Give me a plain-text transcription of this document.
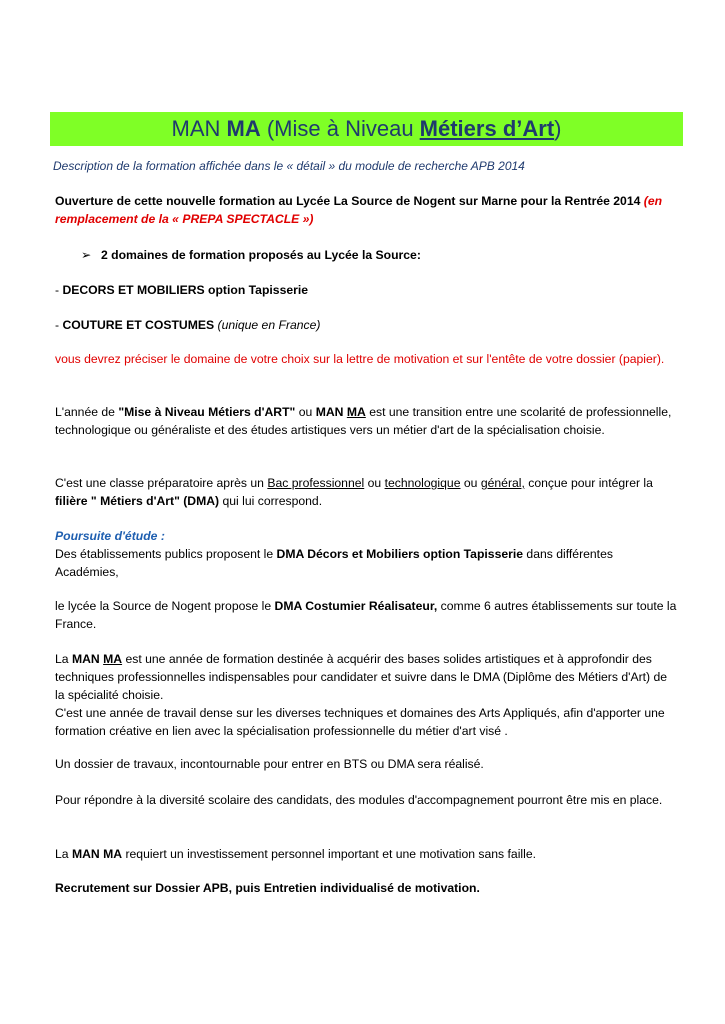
MAN MA (Mise à Niveau Métiers d’Art)
Description de la formation affichée dans le « détail » du module de recherche APB 2014
Ouverture de cette nouvelle formation au Lycée La Source de Nogent sur Marne pour la Rentrée 2014 (en remplacement de la « PREPA SPECTACLE »)
➢ 2 domaines de formation proposés au Lycée la Source:
- DECORS ET MOBILIERS option Tapisserie
- COUTURE ET COSTUMES (unique en France)
vous devrez préciser le domaine de votre choix sur la lettre de motivation et sur l'entête de votre dossier (papier).
L'année de "Mise à Niveau Métiers d'ART" ou MAN MA est une transition entre une scolarité de professionnelle, technologique ou généraliste et des études artistiques vers un métier d'art de la spécialisation choisie.
C'est une classe préparatoire après un Bac professionnel ou technologique ou général, conçue pour intégrer la filière " Métiers d'Art" (DMA) qui lui correspond.
Poursuite d'étude :
Des établissements publics proposent le DMA Décors et Mobiliers option Tapisserie dans différentes Académies,
le lycée la Source de Nogent propose le DMA Costumier Réalisateur, comme 6 autres établissements sur toute la France.
La MAN MA est une année de formation destinée à acquérir des bases solides artistiques et à approfondir des techniques professionnelles indispensables pour candidater et suivre dans le DMA (Diplôme des Métiers d'Art) de la spécialité choisie.
C'est une année de travail dense sur les diverses techniques et domaines des Arts Appliqués, afin d'apporter une formation créative en lien avec la spécialisation professionnelle du métier d'art visé .
Un dossier de travaux, incontournable pour entrer en BTS ou DMA sera réalisé.
Pour répondre à la diversité scolaire des candidats, des modules d'accompagnement pourront être mis en place.
La MAN MA requiert un investissement personnel important et une motivation sans faille.
Recrutement sur Dossier APB, puis Entretien individualisé de motivation.
